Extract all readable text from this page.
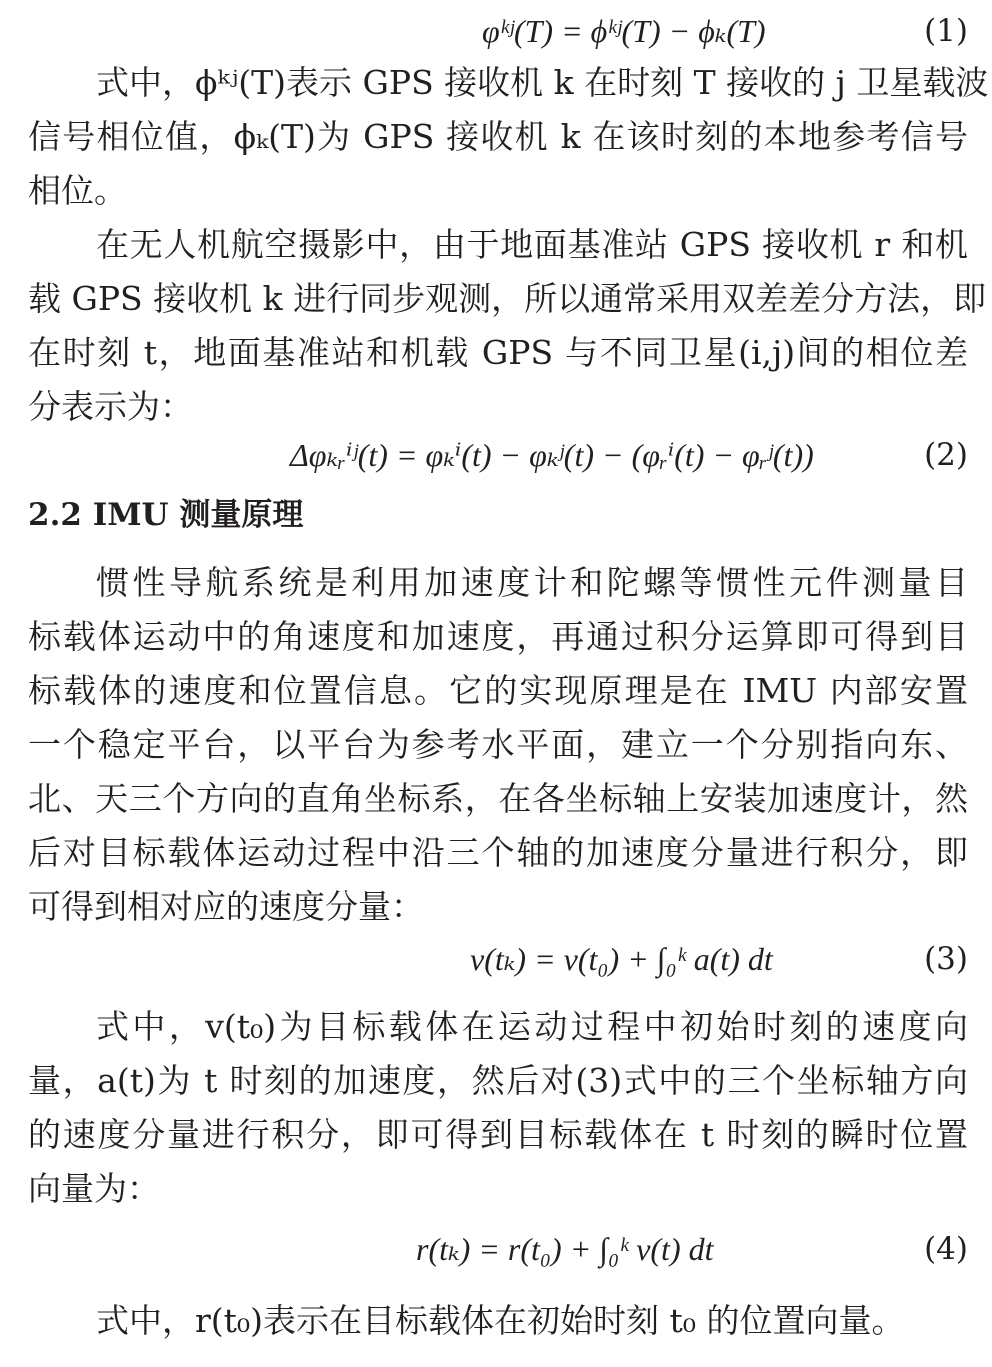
φᵏʲ(T) = ϕᵏʲ(T) − ϕₖ(T)	(1)
式中，ϕᵏʲ(T)表示 GPS 接收机 k 在时刻 T 接收的 j 卫星载波
信号相位值，ϕₖ(T)为 GPS 接收机 k 在该时刻的本地参考信号
相位。
在无人机航空摄影中，由于地面基准站 GPS 接收机 r 和机
载 GPS 接收机 k 进行同步观测，所以通常采用双差差分方法，即
在时刻 t，地面基准站和机载 GPS 与不同卫星(i,j)间的相位差
分表示为：
Δφₖᵣⁱʲ(t) = φₖⁱ(t) − φₖʲ(t) − (φᵣⁱ(t) − φᵣʲ(t))	(2)
2.2 IMU 测量原理
惯性导航系统是利用加速度计和陀螺等惯性元件测量目
标载体运动中的角速度和加速度，再通过积分运算即可得到目
标载体的速度和位置信息。它的实现原理是在 IMU 内部安置
一个稳定平台，以平台为参考水平面，建立一个分别指向东、
北、天三个方向的直角坐标系，在各坐标轴上安装加速度计，然
后对目标载体运动过程中沿三个轴的加速度分量进行积分，即
可得到相对应的速度分量：
v(tₖ) = v(t₀) + ∫₀ᵏ a(t) dt	(3)
式中，v(t₀)为目标载体在运动过程中初始时刻的速度向
量，a(t)为 t 时刻的加速度，然后对(3)式中的三个坐标轴方向
的速度分量进行积分，即可得到目标载体在 t 时刻的瞬时位置
向量为：
r(tₖ) = r(t₀) + ∫₀ᵏ v(t) dt	(4)
式中，r(t₀)表示在目标载体在初始时刻 t₀ 的位置向量。
